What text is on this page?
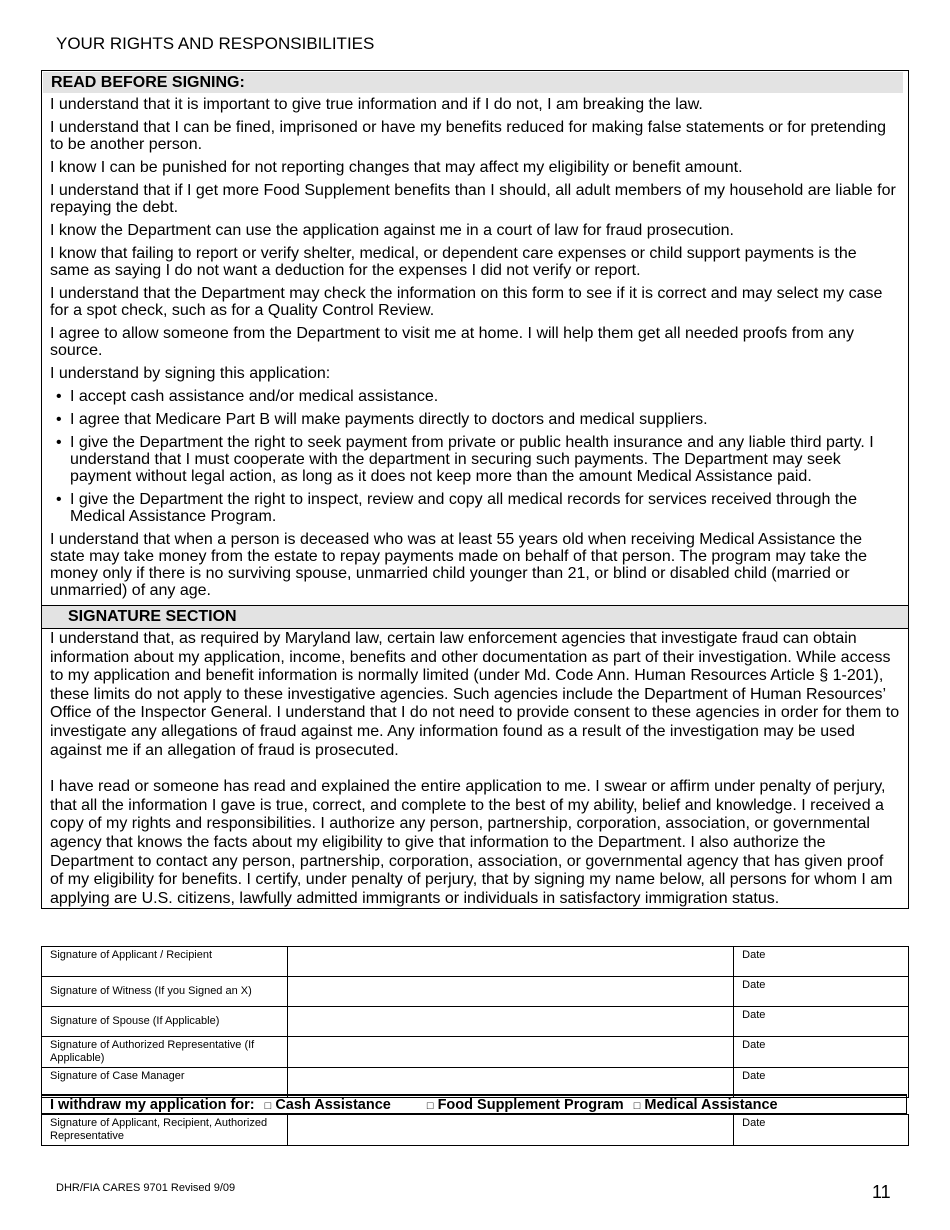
YOUR RIGHTS AND RESPONSIBILITIES
READ BEFORE SIGNING:

I understand that it is important to give true information and if I do not, I am breaking the law.

I understand that I can be fined, imprisoned or have my benefits reduced for making false statements or for pretending to be another person.

I know I can be punished for not reporting changes that may affect my eligibility or benefit amount.

I understand that if I get more Food Supplement benefits than I should, all adult members of my household are liable for repaying the debt.

I know the Department can use the application against me in a court of law for fraud prosecution.

I know that failing to report or verify shelter, medical, or dependent care expenses or child support payments is the same as saying I do not want a deduction for the expenses I did not verify or report.

I understand that the Department may check the information on this form to see if it is correct and may select my case for a spot check, such as for a Quality Control Review.

I agree to allow someone from the Department to visit me at home. I will help them get all needed proofs from any source.

I understand by signing this application:

• I accept cash assistance and/or medical assistance.
• I agree that Medicare Part B will make payments directly to doctors and medical suppliers.
• I give the Department the right to seek payment from private or public health insurance and any liable third party. I understand that I must cooperate with the department in securing such payments. The Department may seek payment without legal action, as long as it does not keep more than the amount Medical Assistance paid.
• I give the Department the right to inspect, review and copy all medical records for services received through the Medical Assistance Program.

I understand that when a person is deceased who was at least 55 years old when receiving Medical Assistance the state may take money from the estate to repay payments made on behalf of that person. The program may take the money only if there is no surviving spouse, unmarried child younger than 21, or blind or disabled child (married or unmarried) of any age.

SIGNATURE SECTION

I understand that, as required by Maryland law, certain law enforcement agencies that investigate fraud can obtain information about my application, income, benefits and other documentation as part of their investigation. While access to my application and benefit information is normally limited (under Md. Code Ann. Human Resources Article § 1-201), these limits do not apply to these investigative agencies. Such agencies include the Department of Human Resources’ Office of the Inspector General. I understand that I do not need to provide consent to these agencies in order for them to investigate any allegations of fraud against me. Any information found as a result of the investigation may be used against me if an allegation of fraud is prosecuted.

I have read or someone has read and explained the entire application to me. I swear or affirm under penalty of perjury, that all the information I gave is true, correct, and complete to the best of my ability, belief and knowledge. I received a copy of my rights and responsibilities. I authorize any person, partnership, corporation, association, or governmental agency that knows the facts about my eligibility to give that information to the Department. I also authorize the Department to contact any person, partnership, corporation, association, or governmental agency that has given proof of my eligibility for benefits. I certify, under penalty of perjury, that by signing my name below, all persons for whom I am applying are U.S. citizens, lawfully admitted immigrants or individuals in satisfactory immigration status.

Signature of Applicant / Recipient		Date
Signature of Witness (If you Signed an X)		Date
Signature of Spouse (If Applicable)		Date
Signature of Authorized Representative (If Applicable)		Date
Signature of Case Manager		Date
I withdraw my application for: □ Cash Assistance	□ Food Supplement Program □ Medical Assistance
Signature of Applicant, Recipient, Authorized Representative		Date
DHR/FIA CARES 9701 Revised 9/09	11
